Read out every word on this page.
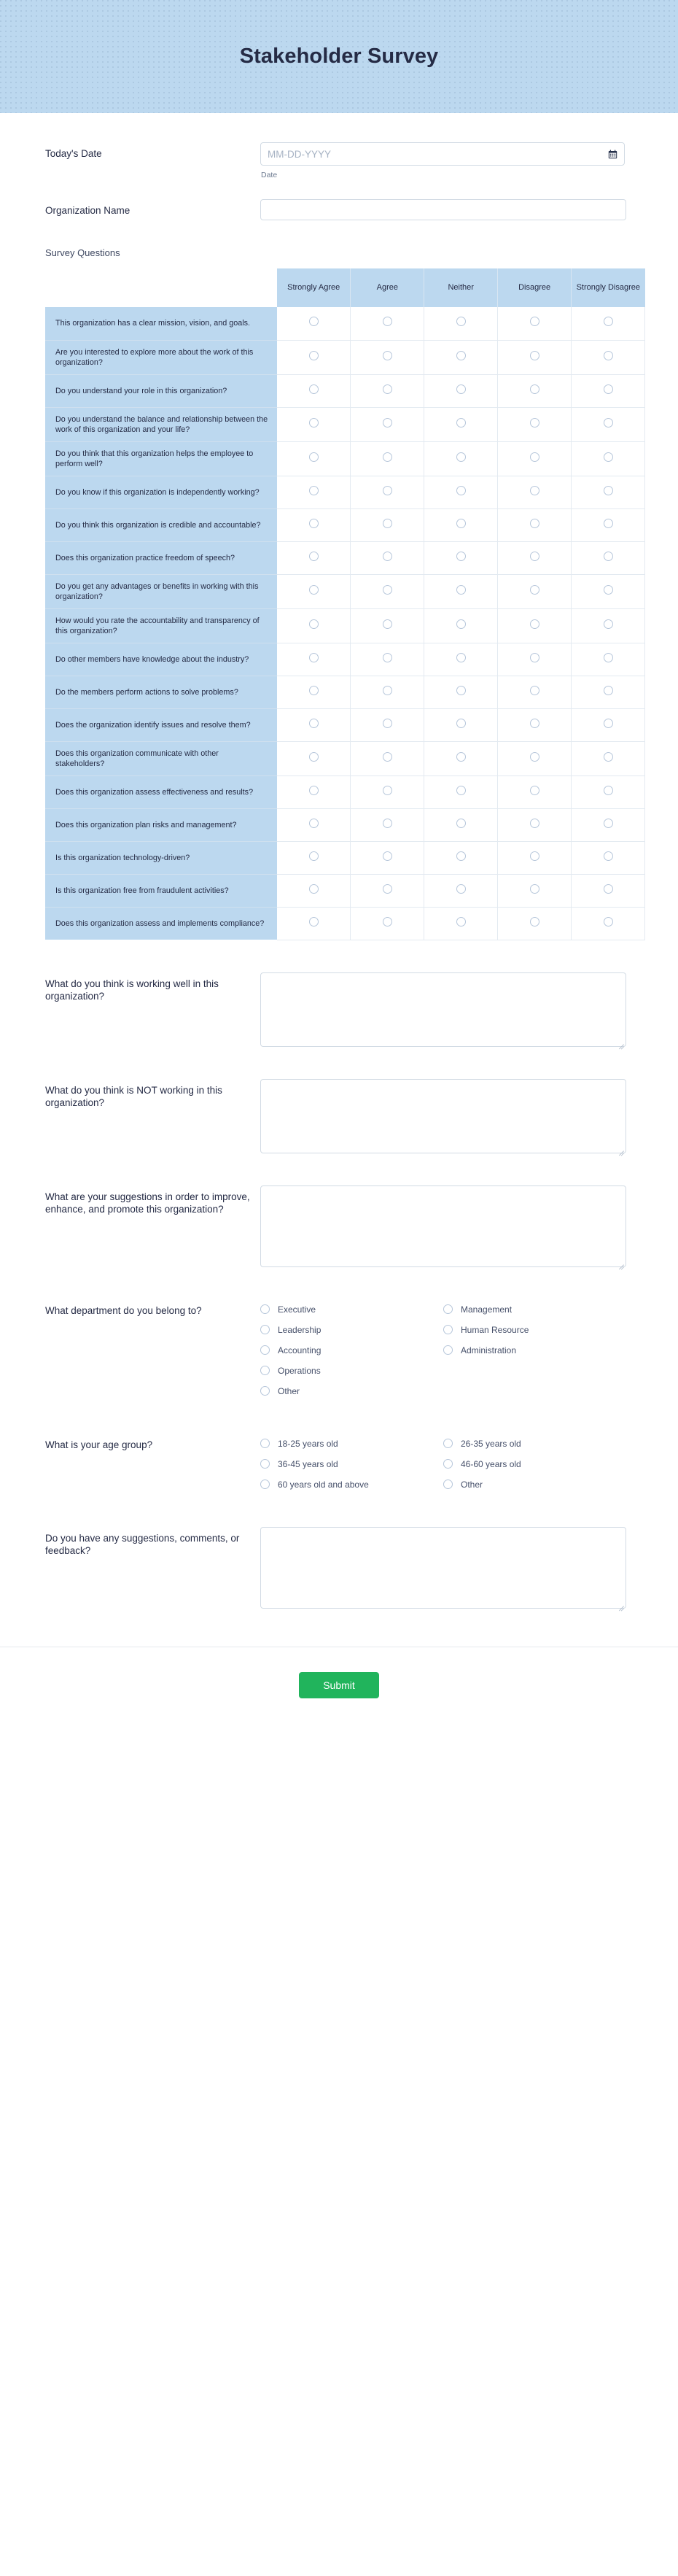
Stakeholder Survey
Today's Date	MM-DD-YYYY
Date
Organization Name
Survey Questions
	Strongly Agree	Agree	Neither	Disagree	Strongly Disagree
This organization has a clear mission, vision, and goals.					
Are you interested to explore more about the work of this organization?					
Do you understand your role in this organization?					
Do you understand the balance and relationship between the work of this organization and your life?					
Do you think that this organization helps the employee to perform well?					
Do you know if this organization is independently working?					
Do you think this organization is credible and accountable?					
Does this organization practice freedom of speech?					
Do you get any advantages or benefits in working with this organization?					
How would you rate the accountability and transparency of this organization?					
Do other members have knowledge about the industry?					
Do the members perform actions to solve problems?					
Does the organization identify issues and resolve them?					
Does this organization communicate with other stakeholders?					
Does this organization assess effectiveness and results?					
Does this organization plan risks and management?					
Is this organization technology-driven?					
Is this organization free from fraudulent activities?					
Does this organization assess and implements compliance?					
What do you think is working well in this organization?
What do you think is NOT working in this organization?
What are your suggestions in order to improve, enhance, and promote this organization?
What department do you belong to?	Executive	Management
Leadership	Human Resource
Accounting	Administration
Operations
Other
What is your age group?	18-25 years old	26-35 years old
36-45 years old	46-60 years old
60 years old and above	Other
Do you have any suggestions, comments, or feedback?
Submit
